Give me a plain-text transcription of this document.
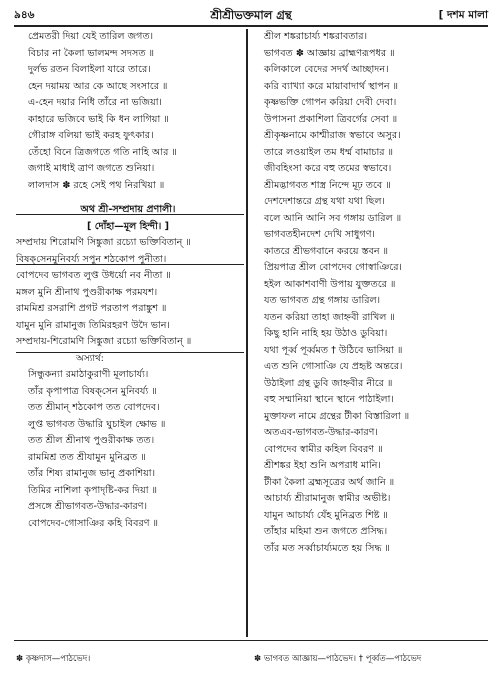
৯৪৬	শ্রীশ্রীভক্তমাল গ্রন্থ	[ দশম মালা
প্রেমতরী দিয়া যেই তারিল জগত।
বিচার না কৈলা ভালমন্দ সদসত ॥
দুর্লভ রতন বিলাইলা যারে তারে।
হেন দয়াময় আর কে আছে সংসারে ॥
এ-হেন দয়ার নিধি তাঁরে না ভজিয়া।
কাহারে ভজিবে ভাই কি ধন লাগিয়া ॥
গৌরাঙ্গ বলিয়া ভাই করহ ফুৎকার।
তেঁহো বিনে ত্রিজগতে গতি নাহি আর ॥
জগাই মাধাই ত্রাণ জগতে শুনিয়া।
লালদাস ✽ রহে সেই পথ নিরখিয়া ॥
অথ শ্রী-সম্প্রদায় প্রণালী।
[ দোঁহা—মূল হিন্দী। ]
সম্প্রদায় শিরোমণি সিঙ্কুজা রচ্যো ভক্তিবিতান্ ॥
বিষক্‌সেনমুনিবর্য্য সপুন শঠকোপ পুনীতা।
বোপদেব ভাগবত লুপ্ত উধর্য়ো নব নীতা ॥
মঙ্গল মুনি শ্রীনাথ পুণ্ডরীকাক্ষ পরমযশ।
রামমিশ্র রসরাশি প্রগট পরতাপ পরাঙ্কুশ ॥
যামুন মুনি রামানুজ তিমিরহরণ উদৈ ভান।
সম্প্রদায়-শিরোমণি সিঙ্কুজা রচ্যো ভক্তিবিতান্ ॥
অস্যার্থ:
সিন্ধুকন্যা রমাঠাকুরাণী মূলাচার্য্য।
তাঁর কৃপাপাত্র বিষক্‌সেন মুনিবর্য্য ॥
তত শ্রীমান্ শঠকোপ তত বোপদেব।
লুপ্ত ভাগবত উদ্ধারি ঘুচাইল ক্ষোভ ॥
তত শ্রীল শ্রীনাথ পুণ্ডরীকাক্ষ তত।
রামমিশ্র তত শ্রীযামুন মুনিব্রত ॥
তাঁর শিষ্য রামানুজ ভানু প্রকাশিয়া।
তিমির নাশিলা কৃপাদৃষ্টি-কর দিয়া ॥
প্রসঙ্গে শ্রীভাগবত-উদ্ধার-কারণ।
বোপদেব-গোসাঞির কহি বিবরণ ॥
শ্রীল শঙ্করাচার্য্য শঙ্করাবতার।
ভাগবত ✽ আজ্ঞায় ব্রাহ্মণরূপধর ॥
কলিকালে বেদের সদর্থ আচ্ছাদন।
করি ব্যাখ্যা করে মায়াবাদার্থ স্থাপন ॥
কৃষ্ণভক্তি গোপন করিয়া দেবী দেবা।
উপাসনা প্রকাশিলা ত্রিবর্গের সেবা ॥
শ্রীকৃষ্ণনামে কাশ্মীরাজ স্বভাবে অসুর।
তারে লওয়াইল তম ধর্ম্ম বামাচার ॥
জীবহিংসা করে বহু তমের স্বভাবে।
শ্রীমদ্ভাগবত শাস্ত্র নিন্দে মূঢ় তবে ॥
দেশদেশান্তরে গ্রন্থ যথা যথা ছিল।
বলে আনি আনি সব গঙ্গায় ডারিল ॥
ভাগবতহীনদেশ দেখি সাধুগণ।
কাতরে শ্রীভগবানে করয়ে স্তবন ॥
প্রিয়পাত্র শ্রীল বোপদেব গোস্বাঞিরে।
হইল আকাশবাণী উপায় যুক্ততরে ॥
যত ভাগবত গ্রন্থ গঙ্গায় ডারিল।
যতন করিয়া তাহা জাহ্নবী রাখিল ॥
কিছু হানি নাহি হয় উঠাও ডুবিয়া।
যথা পূর্ব্ব পূর্ব্বমত † উঠিবে ভাসিয়া ॥
এত শুনি গোসাঞি যে প্রহৃষ্ট অন্তরে।
উঠাইলা গ্রন্থ ডুবি জাহ্নবীর নীরে ॥
বহু সম্মানিয়া স্থানে স্থানে পাঠাইলা।
মুক্তাফল নামে গ্রন্থের টীকা বিস্তারিলা ॥
অতএব-ভাগবত-উদ্ধার-কারণ।
বোপদেব স্বামীর কহিল বিবরণ ॥
শ্রীশঙ্কর ইহা শুনি অপরাধ মানি।
টীকা কৈলা ব্রহ্মসূত্রের অর্থ জানি ॥
আচার্য্য শ্রীরামানুজ স্বামীর অভীষ্ট।
যামুন আচার্য্য যেঁহ মুনিব্রত শিষ্ট ॥
তাঁহার মহিমা শুন জগতে প্রসিদ্ধ।
তাঁর মত সর্ব্বাচার্য্যমতে হয় সিদ্ধ ॥
✽ কৃষ্ণদাস—পাঠভেদ।	✽ ভাগবত আজ্ঞায়—পাঠভেদ। † পূর্ব্বত—পাঠভেদ
